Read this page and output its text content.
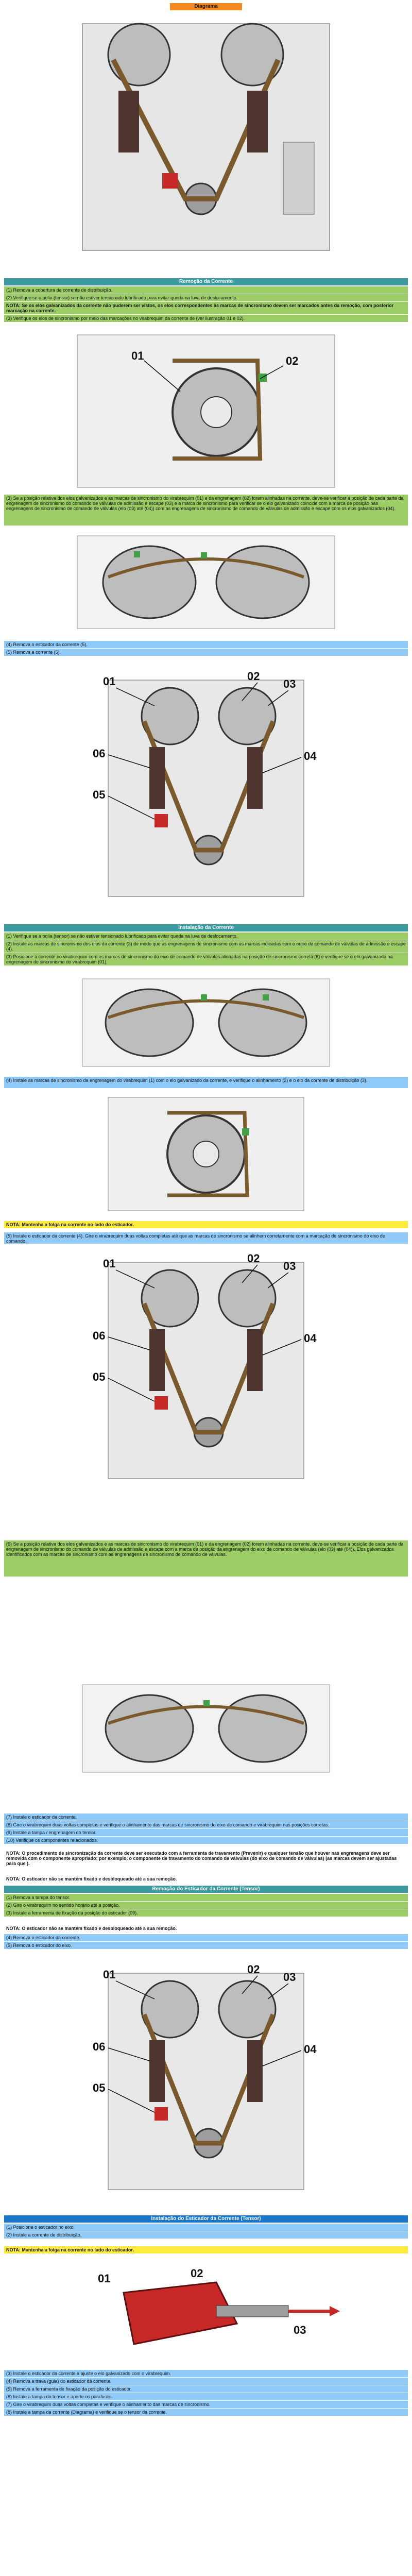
Diagrama
Remoção da Corrente
(1) Remova a cobertura da corrente de distribuição.
(2) Verifique se o polia (tensor) se não estiver tensionado lubrificado para evitar queda na luva de deslocamento.
NOTA: Se os elos galvanizados da corrente não puderem ser vistos, os elos correspondentes às marcas de sincronismo devem ser marcados antes da remoção, com posterior marcação na corrente.
(3) Verifique os elos de sincronismo por meio das marcações no virabrequim da corrente de (ver ilustração 01 e 02).
01	02
(3) Se a posição relativa dos elos galvanizados e as marcas de sincronismo do virabrequim (01) e da engrenagem (02) forem alinhadas na corrente, deve-se verificar a posição de cada parte da engrenagem de sincronismo do comando de válvulas de admissão e escape (03) e a marca de sincronismo para verificar se o elo galvanizado coincide com a marca de posição nas engrenagens de sincronismo de comando de válvulas (elo (03) até (04)) com as engrenagens de sincronismo de comando de válvulas de admissão e escape com os elos galvanizados (04).
(4) Remova o esticador da corrente (5).
(5) Remova a corrente (5).
01	02
03
04
05
06
Instalação da Corrente
(1) Verifique se a polia (tensor) se não estiver tensionado lubrificado para evitar queda na luva de deslocamento.
(2) Instale as marcas de sincronismo dos elos da corrente (3) de modo que as engrenagens de sincronismo com as marcas indicadas com o outro de comando de válvulas de admissão e escape (4).
(3) Posicione a corrente no virabrequim com as marcas de sincronismo do eixo de comando de válvulas alinhadas na posição de sincronismo correta (6) e verifique se o elo galvanizado na engrenagem de sincronismo do virabrequim (01).
(4) Instale as marcas de sincronismo da engrenagem do virabrequim (1) com o elo galvanizado da corrente, e verifique o alinhamento (2) e o elo da corrente de distribuição (3).
NOTA: Mantenha a folga na corrente no lado do esticador.
(5) Instale o esticador da corrente (4). Gire o virabrequim duas voltas completas até que as marcas de sincronismo se alinhem corretamente com a marcação de sincronismo do eixo de comando.
01	02
03
04
05
06
(6) Se a posição relativa dos elos galvanizados e as marcas de sincronismo do virabrequim (01) e da engrenagem (02) forem alinhadas na corrente, deve-se verificar a posição de cada parte da engrenagem de sincronismo do comando de válvulas de admissão e escape com a marca de posição da engrenagem do eixo de comando de válvulas (elo (03) até (04)). Elos galvanizados identificados com as marcas de sincronismo com as engrenagens de sincronismo de comando de válvulas.
(7) Instale o esticador da corrente.
(8) Gire o virabrequim duas voltas completas e verifique o alinhamento das marcas de sincronismo do eixo de comando e virabrequim nas posições corretas.
(9) Instale a tampa / engrenagem do tensor.
(10) Verifique os componentes relacionados.
NOTA: O procedimento de sincronização da corrente deve ser executado com a ferramenta de travamento (Prevenir) e qualquer tensão que houver nas engrenagens deve ser removida com o componente apropriado; por exemplo, o componente de travamento do comando de válvulas (do eixo de comando de válvulas) (as marcas devem ser ajustadas para que ).
NOTA: O esticador não se mantém fixado e desbloqueado até a sua remoção.
Remoção do Esticador da Corrente (Tensor)
(1) Remova a tampa do tensor.
(2) Gire o virabrequim no sentido horário até a posição.
(3) Instale a ferramenta de fixação da posição do esticador (09).
NOTA: O esticador não se mantém fixado e desbloqueado até a sua remoção.
(4) Remova o esticador da corrente.
(5) Remova o esticador do eixo.
01	02
03
04
05
06
Instalação do Esticador da Corrente (Tensor)
(1) Posicione o esticador no eixo.
(2) Instale a corrente de distribuição.
NOTA: Mantenha a folga na corrente no lado do esticador.
01	02
03
(3) Instale o esticador da corrente a ajuste o elo galvanizado com o virabrequim.
(4) Remova a trava (guia) do esticador da corrente.
(5) Remova a ferramenta de fixação da posição do esticador.
(6) Instale a tampa do tensor e aperte os parafusos.
(7) Gire o virabrequim duas voltas completas e verifique o alinhamento das marcas de sincronismo.
(8) Instale a tampa da corrente (Diagrama) e verifique se o tensor da corrente.
